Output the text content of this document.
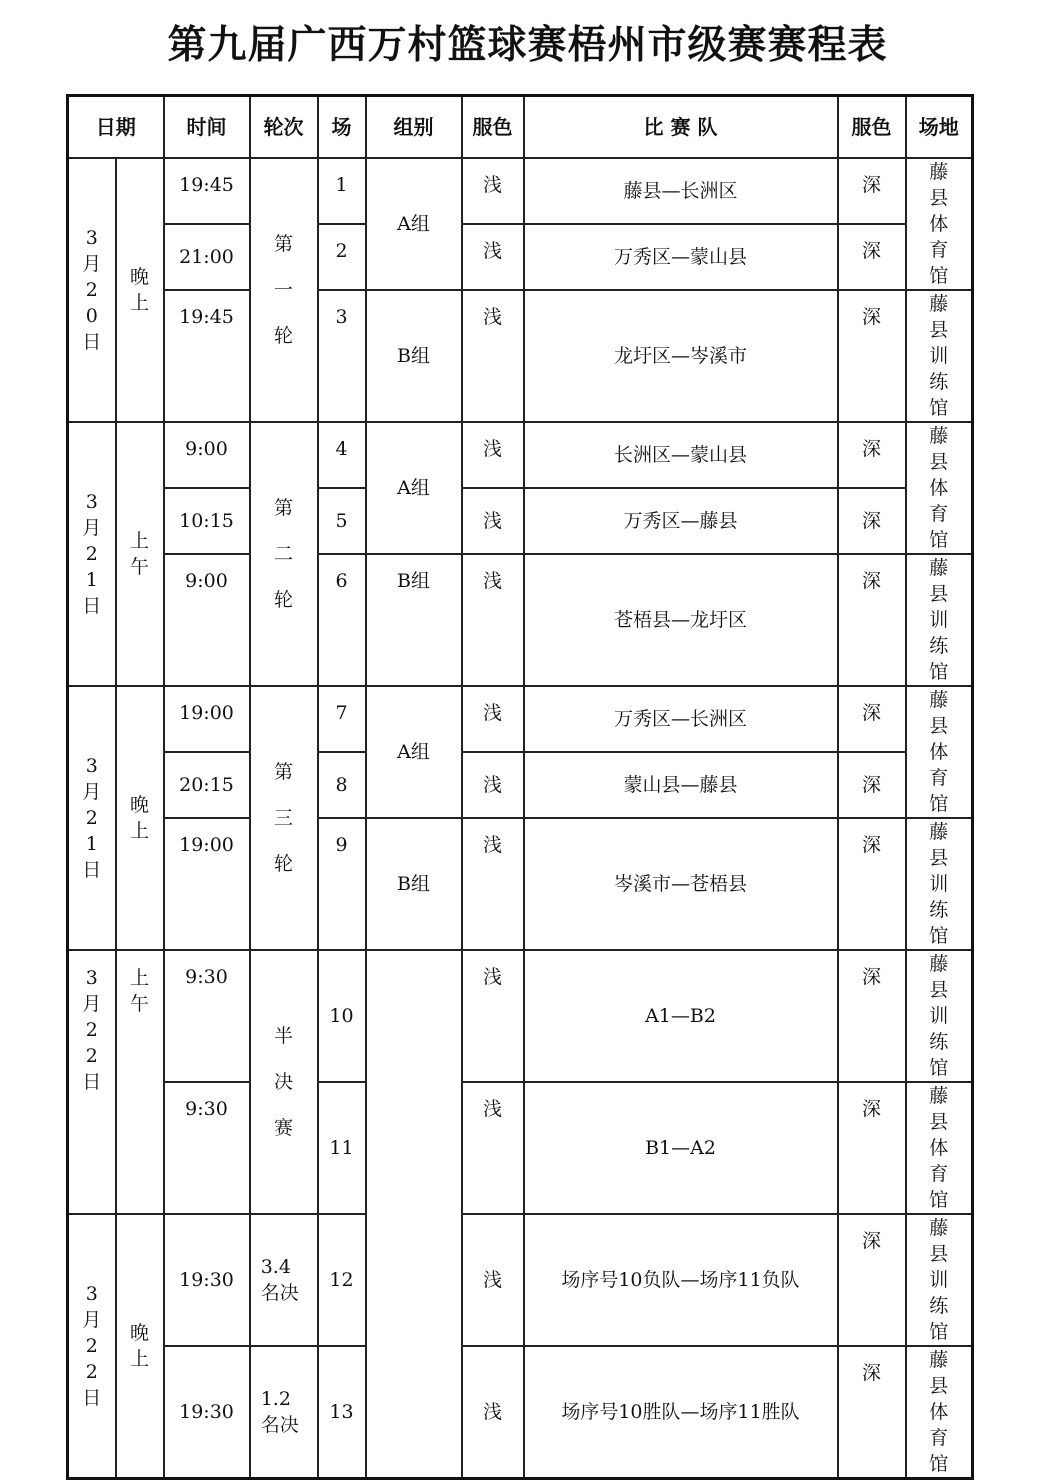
第九届广西万村篮球赛梧州市级赛赛程表
日期		时间	轮次	场	组别	服色	比 赛 队	服色	场地
3月20日	晚上	19:45	第一轮	1	A组	浅	藤县—长洲区	深	藤县体育馆
		21:00		2		浅	万秀区—蒙山县	深	
		19:45		3	B组	浅	龙圩区—岑溪市	深	藤县训练馆
3月21日	上午	9:00	第二轮	4	A组	浅	长洲区—蒙山县	深	藤县体育馆
		10:15		5		浅	万秀区—藤县	深	
		9:00		6	B组	浅	苍梧县—龙圩区	深	藤县训练馆
3月21日	晚上	19:00	第三轮	7	A组	浅	万秀区—长洲区	深	藤县体育馆
		20:15		8		浅	蒙山县—藤县	深	
		19:00		9	B组	浅	岑溪市—苍梧县	深	藤县训练馆
3月22日	上午	9:30	半决赛	10		浅	A1—B2	深	藤县训练馆
		9:30		11		浅	B1—A2	深	藤县体育馆
3月22日	晚上	19:30	3.4名决	12		浅	场序号10负队—场序11负队	深	藤县训练馆
		19:30	1.2名决	13		浅	场序号10胜队—场序11胜队	深	藤县体育馆
